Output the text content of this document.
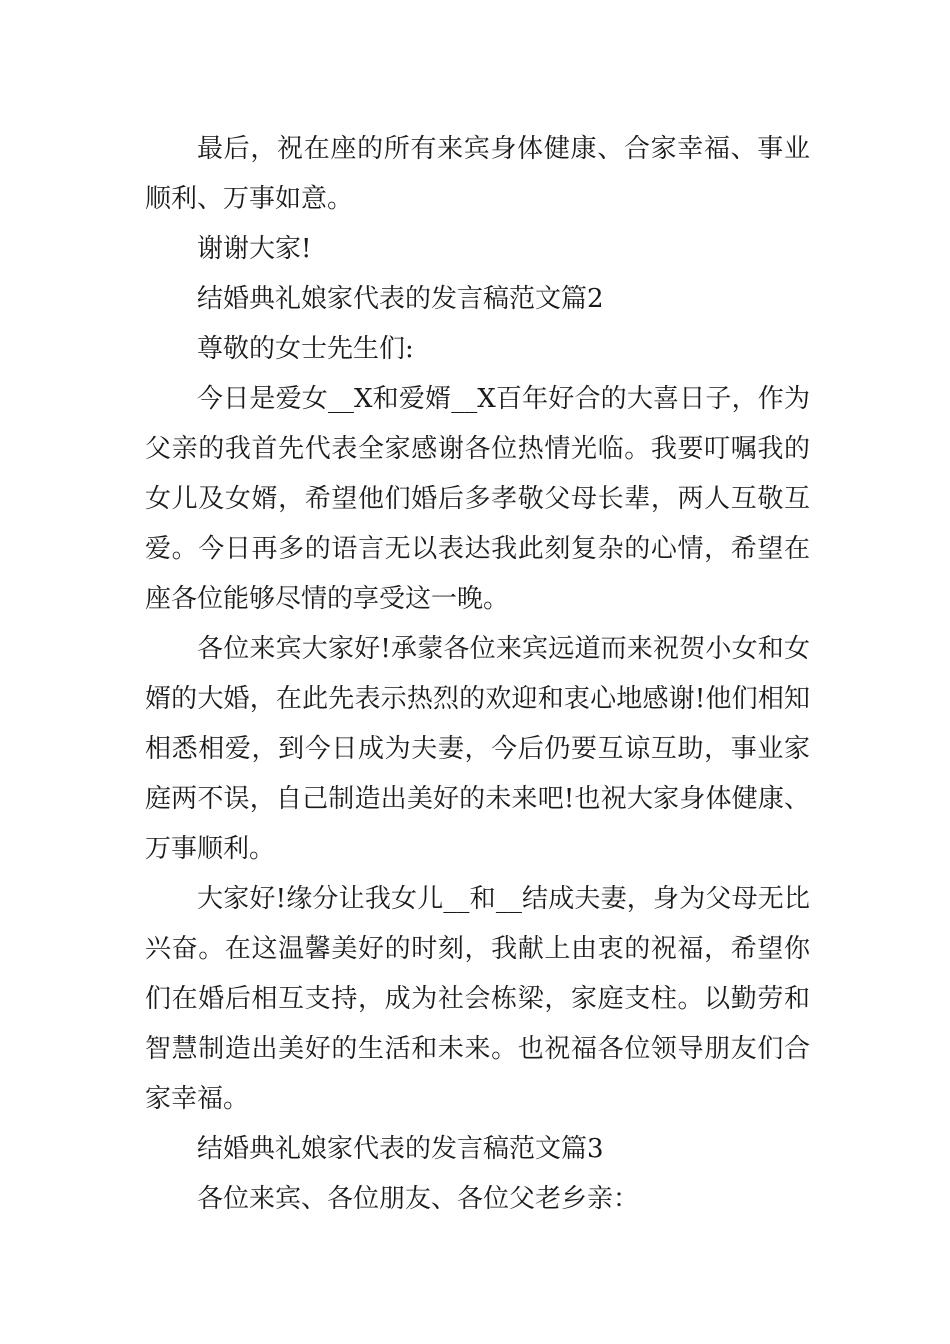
最后，祝在座的所有来宾身体健康、合家幸福、事业顺利、万事如意。

谢谢大家!

结婚典礼娘家代表的发言稿范文篇2

尊敬的女士先生们:

今日是爱女__X和爱婿__X百年好合的大喜日子，作为父亲的我首先代表全家感谢各位热情光临。我要叮嘱我的女儿及女婿，希望他们婚后多孝敬父母长辈，两人互敬互爱。今日再多的语言无以表达我此刻复杂的心情，希望在座各位能够尽情的享受这一晚。

各位来宾大家好!承蒙各位来宾远道而来祝贺小女和女婿的大婚，在此先表示热烈的欢迎和衷心地感谢!他们相知相悉相爱，到今日成为夫妻，今后仍要互谅互助，事业家庭两不误，自己制造出美好的未来吧!也祝大家身体健康、万事顺利。

大家好!缘分让我女儿__和__结成夫妻，身为父母无比兴奋。在这温馨美好的时刻，我献上由衷的祝福，希望你们在婚后相互支持，成为社会栋梁，家庭支柱。以勤劳和智慧制造出美好的生活和未来。也祝福各位领导朋友们合家幸福。

结婚典礼娘家代表的发言稿范文篇3

各位来宾、各位朋友、各位父老乡亲：
